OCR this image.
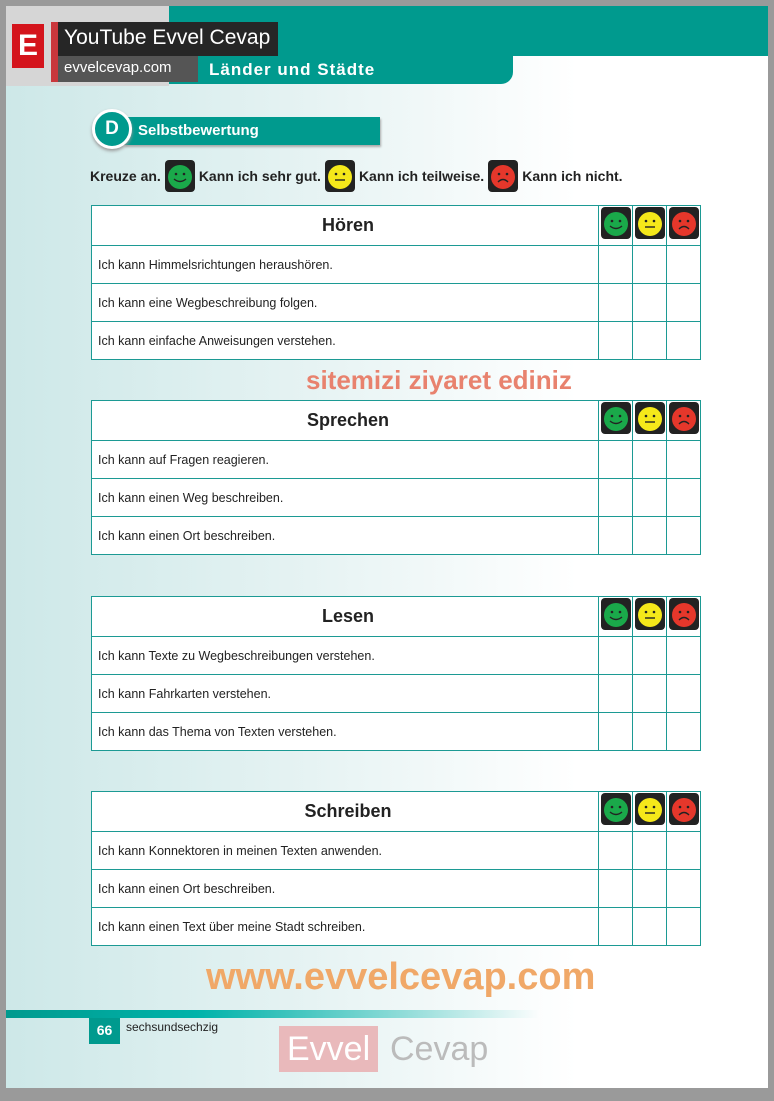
Länder und Städte
E YouTube Evvel Cevap
evvelcevap.com
D	Selbstbewertung
Kreuze an.	Kann ich sehr gut.	Kann ich teilweise.	Kann ich nicht.
Hören			
Ich kann Himmelsrichtungen heraushören.			
Ich kann eine Wegbeschreibung folgen.			
Ich kann einfache Anweisungen verstehen.			
Sprechen			
Ich kann auf Fragen reagieren.			
Ich kann einen Weg beschreiben.			
Ich kann einen Ort beschreiben.			
Lesen			
Ich kann Texte zu Wegbeschreibungen verstehen.			
Ich kann Fahrkarten verstehen.			
Ich kann das Thema von Texten verstehen.			
Schreiben			
Ich kann Konnektoren in meinen Texten anwenden.			
Ich kann einen Ort beschreiben.			
Ich kann einen Text über meine Stadt schreiben.			
www.evvelcevap.com
sitemizi ziyaret ediniz
66	sechsundsechzig
Evvel Cevap
